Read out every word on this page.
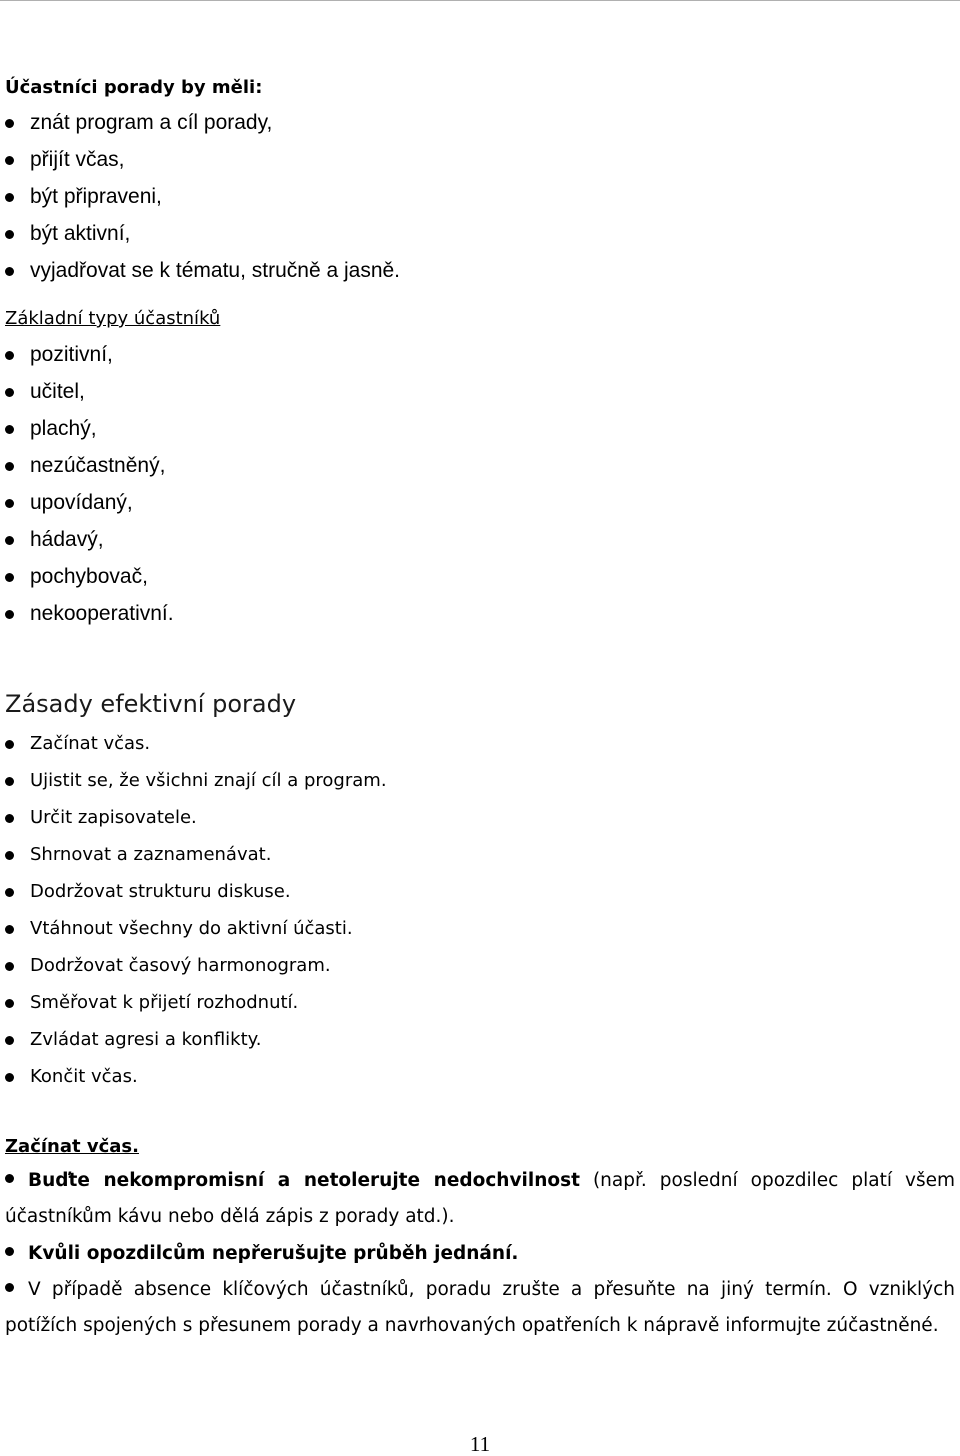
Účastníci porady by měli:
znát program a cíl porady,
přijít včas,
být připraveni,
být aktivní,
vyjadřovat se k tématu, stručně a jasně.
Základní typy účastníků
pozitivní,
učitel,
plachý,
nezúčastněný,
upovídaný,
hádavý,
pochybovač,
nekooperativní.
Zásady efektivní porady
Začínat včas.
Ujistit se, že všichni znají cíl a program.
Určit zapisovatele.
Shrnovat a zaznamenávat.
Dodržovat strukturu diskuse.
Vtáhnout všechny do aktivní účasti.
Dodržovat časový harmonogram.
Směřovat k přijetí rozhodnutí.
Zvládat agresi a konflikty.
Končit včas.
Začínat včas.

Buďte nekompromisní a netolerujte nedochvilnost (např. poslední opozdilec platí všem účastníkům kávu nebo dělá zápis z porady atd.).

Kvůli opozdilcům nepřerušujte průběh jednání.

V případě absence klíčových účastníků, poradu zrušte a přesuňte na jiný termín. O vzniklých potížích spojených s přesunem porady a navrhovaných opatřeních k nápravě informujte zúčastněné.

11
